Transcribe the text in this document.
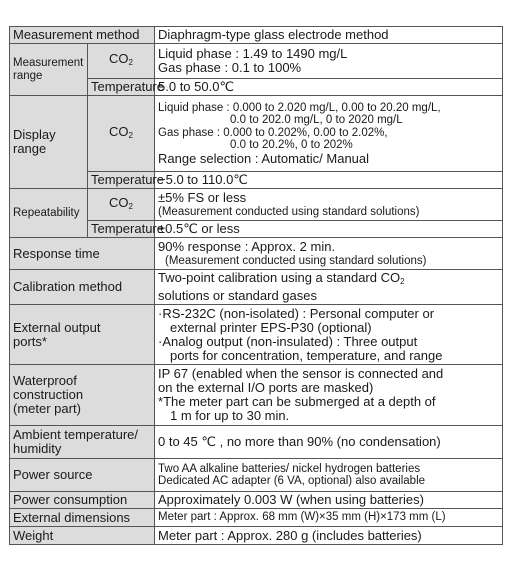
Measurement method		Diaphragm-type glass electrode method

Measurement
range	$CO_2$	Liquid phase : 1.49 to 1490 mg/L
Gas phase : 0.1 to 100%

	Temperature	5.0 to 50.0℃

Display
range	$CO_2$	Liquid phase : 0.000 to 2.020 mg/L, 0.00 to 20.20 mg/L,
0.0 to 202.0 mg/L, 0 to 2020 mg/L
Gas phase : 0.000 to 0.202%, 0.00 to 2.02%,
0.0 to 20.2%, 0 to 202%
Range selection : Automatic/ Manual

	Temperature	−5.0 to 110.0℃
Repeatability	$CO_2$	±5% FS or less
(Measurement conducted using standard solutions)

	Temperature	±0.5℃ or less
Response time		90% response : Approx. 2 min.
(Measurement conducted using standard solutions)

Calibration method		Two-point calibration using a standard $CO_2$
solutions or standard gases

External output
ports*		·RS-232C (non-isolated) : Personal computer or
external printer EPS-P30 (optional)
·Analog output (non-insulated) : Three output
ports for concentration, temperature, and range

Waterproof
construction
(meter part)		IP 67 (enabled when the sensor is connected and
on the external I/O ports are masked)
*The meter part can be submerged at a depth of
1 m for up to 30 min.

Ambient temperature/
humidity		0 to 45 ℃ , no more than 90% (no condensation)
Power source		Two AA alkaline batteries/ nickel hydrogen batteries
Dedicated AC adapter (6 VA, optional) also available

Power consumption		Approximately 0.003 W (when using batteries)
External dimensions		Meter part : Approx. 68 mm (W)×35 mm (H)×173 mm (L)
Weight		Meter part : Approx. 280 g (includes batteries)
